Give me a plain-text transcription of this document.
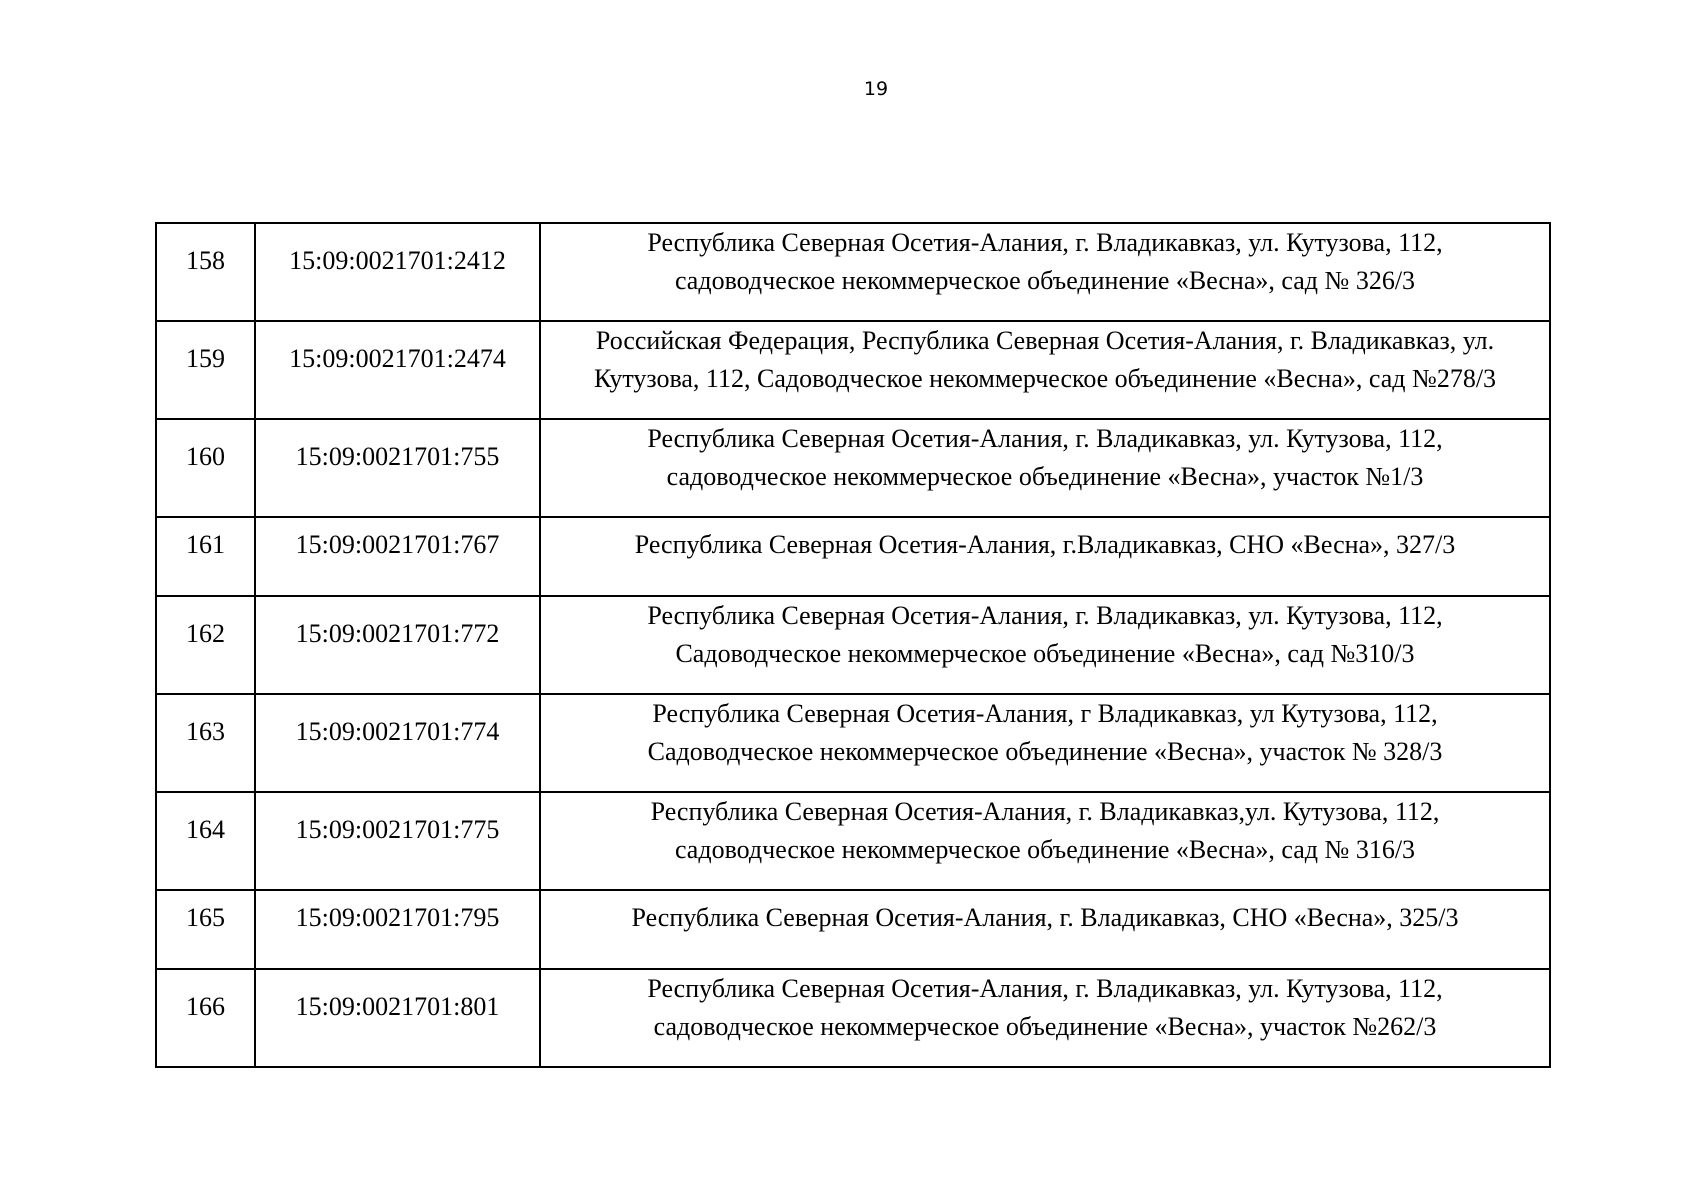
19
158	15:09:0021701:2412	Республика Северная Осетия-Алания, г. Владикавказ, ул. Кутузова, 112,
садоводческое некоммерческое объединение «Весна», сад № 326/3

159	15:09:0021701:2474	Российская Федерация, Республика Северная Осетия-Алания, г. Владикавказ, ул.
Кутузова, 112, Садоводческое некоммерческое объединение «Весна», сад №278/3

160	15:09:0021701:755	Республика Северная Осетия-Алания, г. Владикавказ, ул. Кутузова, 112,
садоводческое некоммерческое объединение «Весна», участок №1/3

161	15:09:0021701:767	Республика Северная Осетия-Алания, г.Владикавказ, СНО «Весна», 327/3

162	15:09:0021701:772	Республика Северная Осетия-Алания, г. Владикавказ, ул. Кутузова, 112,
Садоводческое некоммерческое объединение «Весна», сад №310/3

163	15:09:0021701:774	Республика Северная Осетия-Алания, г Владикавказ, ул Кутузова, 112,
Садоводческое некоммерческое объединение «Весна», участок № 328/3

164	15:09:0021701:775	Республика Северная Осетия-Алания, г. Владикавказ,ул. Кутузова, 112,
садоводческое некоммерческое объединение «Весна», сад № 316/3

165	15:09:0021701:795	Республика Северная Осетия-Алания, г. Владикавказ, СНО «Весна», 325/3

166	15:09:0021701:801	Республика Северная Осетия-Алания, г. Владикавказ, ул. Кутузова, 112,
садоводческое некоммерческое объединение «Весна», участок №262/3
